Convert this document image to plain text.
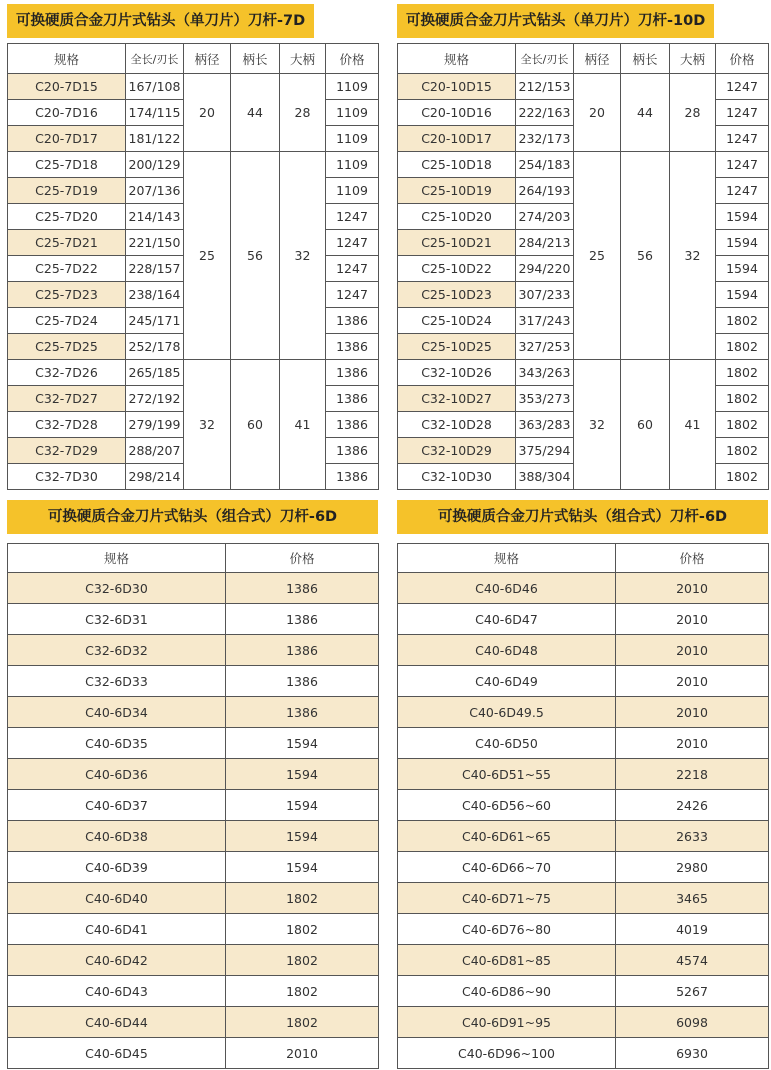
可换硬质合金刀片式钻头（单刀片）刀杆-7D
规格	全长/刃长	柄径	柄长	大柄	价格
C20-7D15	167/108	20	44	28	1109
C20-7D16	174/115				1109
C20-7D17	181/122				1109
C25-7D18	200/129	25	56	32	1109
C25-7D19	207/136				1109
C25-7D20	214/143				1247
C25-7D21	221/150				1247
C25-7D22	228/157				1247
C25-7D23	238/164				1247
C25-7D24	245/171				1386
C25-7D25	252/178				1386
C32-7D26	265/185	32	60	41	1386
C32-7D27	272/192				1386
C32-7D28	279/199				1386
C32-7D29	288/207				1386
C32-7D30	298/214				1386
可换硬质合金刀片式钻头（单刀片）刀杆-10D
规格	全长/刃长	柄径	柄长	大柄	价格
C20-10D15	212/153	20	44	28	1247
C20-10D16	222/163				1247
C20-10D17	232/173				1247
C25-10D18	254/183	25	56	32	1247
C25-10D19	264/193				1247
C25-10D20	274/203				1594
C25-10D21	284/213				1594
C25-10D22	294/220				1594
C25-10D23	307/233				1594
C25-10D24	317/243				1802
C25-10D25	327/253				1802
C32-10D26	343/263	32	60	41	1802
C32-10D27	353/273				1802
C32-10D28	363/283				1802
C32-10D29	375/294				1802
C32-10D30	388/304				1802
可换硬质合金刀片式钻头（组合式）刀杆-6D
规格	价格
C32-6D30	1386
C32-6D31	1386
C32-6D32	1386
C32-6D33	1386
C40-6D34	1386
C40-6D35	1594
C40-6D36	1594
C40-6D37	1594
C40-6D38	1594
C40-6D39	1594
C40-6D40	1802
C40-6D41	1802
C40-6D42	1802
C40-6D43	1802
C40-6D44	1802
C40-6D45	2010
可换硬质合金刀片式钻头（组合式）刀杆-6D
规格	价格
C40-6D46	2010
C40-6D47	2010
C40-6D48	2010
C40-6D49	2010
C40-6D49.5	2010
C40-6D50	2010
C40-6D51~55	2218
C40-6D56~60	2426
C40-6D61~65	2633
C40-6D66~70	2980
C40-6D71~75	3465
C40-6D76~80	4019
C40-6D81~85	4574
C40-6D86~90	5267
C40-6D91~95	6098
C40-6D96~100	6930
